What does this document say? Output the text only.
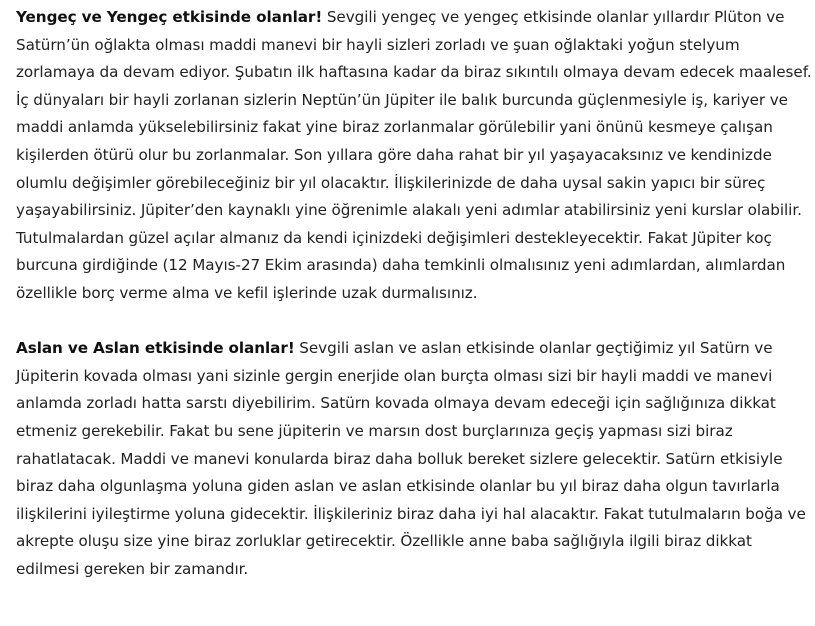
Yengeç ve Yengeç etkisinde olanlar! Sevgili yengeç ve yengeç etkisinde olanlar yıllardır Plüton ve Satürn’ün oğlakta olması maddi manevi bir hayli sizleri zorladı ve şuan oğlaktaki yoğun stelyum zorlamaya da devam ediyor. Şubatın ilk haftasına kadar da biraz sıkıntılı olmaya devam edecek maalesef. İç dünyaları bir hayli zorlanan sizlerin Neptün’ün Jüpiter ile balık burcunda güçlenmesiyle iş, kariyer ve maddi anlamda yükselebilirsiniz fakat yine biraz zorlanmalar görülebilir yani önünü kesmeye çalışan kişilerden ötürü olur bu zorlanmalar. Son yıllara göre daha rahat bir yıl yaşayacaksınız ve kendinizde olumlu değişimler görebileceğiniz bir yıl olacaktır. İlişkilerinizde de daha uysal sakin yapıcı bir süreç yaşayabilirsiniz. Jüpiter’den kaynaklı yine öğrenimle alakalı yeni adımlar atabilirsiniz yeni kurslar olabilir. Tutulmalardan güzel açılar almanız da kendi içinizdeki değişimleri destekleyecektir. Fakat Jüpiter koç burcuna girdiğinde (12 Mayıs-27 Ekim arasında) daha temkinli olmalısınız yeni adımlardan, alımlardan özellikle borç verme alma ve kefil işlerinde uzak durmalısınız.

Aslan ve Aslan etkisinde olanlar! Sevgili aslan ve aslan etkisinde olanlar geçtiğimiz yıl Satürn ve Jüpiterin kovada olması yani sizinle gergin enerjide olan burçta olması sizi bir hayli maddi ve manevi anlamda zorladı hatta sarstı diyebilirim. Satürn kovada olmaya devam edeceği için sağlığınıza dikkat etmeniz gerekebilir. Fakat bu sene jüpiterin ve marsın dost burçlarınıza geçiş yapması sizi biraz rahatlatacak. Maddi ve manevi konularda biraz daha bolluk bereket sizlere gelecektir. Satürn etkisiyle biraz daha olgunlaşma yoluna giden aslan ve aslan etkisinde olanlar bu yıl biraz daha olgun tavırlarla ilişkilerini iyileştirme yoluna gidecektir. İlişkileriniz biraz daha iyi hal alacaktır. Fakat tutulmaların boğa ve akrepte oluşu size yine biraz zorluklar getirecektir. Özellikle anne baba sağlığıyla ilgili biraz dikkat edilmesi gereken bir zamandır.
